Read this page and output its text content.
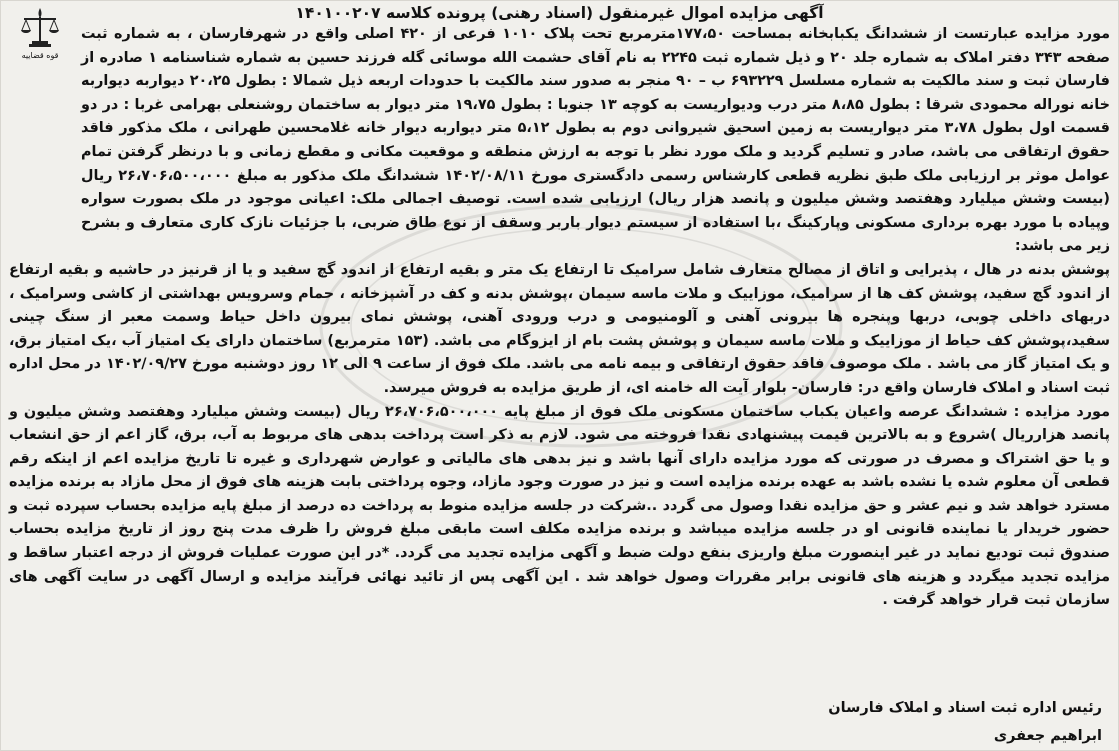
قوه قضاییه
آگهی مزایده اموال غیرمنقول (اسناد رهنی) پرونده کلاسه ۱۴۰۱۰۰۲۰۷

مورد مزایده عبارتست از ششدانگ یکبابخانه بمساحت ۱۷۷،۵۰مترمربع تحت پلاک ۱۰۱۰ فرعی از ۴۲۰ اصلی واقع در شهرفارسان ، به شماره ثبت صفحه ۳۴۳ دفتر املاک به شماره جلد ۲۰ و ذیل شماره ثبت ۲۲۴۵ به نام آقای حشمت الله موسائی گله فرزند حسین به شماره شناسنامه ۱ صادره از فارسان ثبت و سند مالکیت به شماره مسلسل ۶۹۳۲۲۹ ب – ۹۰ منجر به صدور سند مالکیت با حدودات اربعه ذیل شمالا : بطول ۲۰،۲۵ دیواربه دیواربه خانه نوراله محمودی شرقا : بطول ۸،۸۵ متر درب ودیواریست به کوچه ۱۳ جنوبا : بطول ۱۹،۷۵ متر دیوار به ساختمان روشنعلی بهرامی غربا : در دو قسمت اول بطول ۳،۷۸ متر دیواریست به زمین اسحیق شیروانی دوم به بطول ۵،۱۲ متر دیواربه دیوار خانه غلامحسین طهرانی ، ملک مذکور فاقد حقوق ارتفاقی می باشد، صادر و تسلیم گردید و ملک مورد نظر با توجه به ارزش منطقه و موقعیت مکانی و مقطع زمانی و با درنظر گرفتن تمام عوامل موثر بر ارزیابی ملک طبق نظریه قطعی کارشناس رسمی دادگستری مورخ ۱۴۰۲/۰۸/۱۱ ششدانگ ملک مذکور به مبلغ ۲۶،۷۰۶،۵۰۰،۰۰۰ ریال (بیست وشش میلیارد وهفتصد وشش میلیون و پانصد هزار ریال) ارزیابی شده است. توصیف اجمالی ملک: اعیانی موجود در ملک بصورت سواره وپیاده با مورد بهره برداری مسکونی وپارکینگ ،با استفاده از سیستم دیوار باربر وسقف از نوع طاق ضربی، با جزئیات نازک کاری متعارف و بشرح زیر می باشد:

پوشش بدنه در هال ، پذیرایی و اتاق از مصالح متعارف شامل سرامیک تا ارتفاع یک متر و بقیه ارتفاع از اندود گچ سفید و یا از قرنیز در حاشیه و بقیه ارتفاع از اندود گچ سفید، پوشش کف ها از سرامیک، موزاییک و ملات ماسه سیمان ،پوشش بدنه و کف در آشپزخانه ، حمام وسرویس بهداشتی از کاشی وسرامیک ، دربهای داخلی چوبی، دربها وپنجره ها بیرونی آهنی و آلومنیومی و درب ورودی آهنی، پوشش نمای بیرون داخل حیاط وسمت معبر از سنگ چینی سفید،پوشش کف حیاط از موزاییک و ملات ماسه سیمان و پوشش پشت بام از ایزوگام می باشد. (۱۵۳ مترمربع) ساختمان دارای یک امتیاز آب ،یک امتیاز برق، و یک امتیاز گاز می باشد . ملک موصوف فاقد حقوق ارتفاقی و بیمه نامه می باشد. ملک فوق از ساعت ۹ الی ۱۲ روز دوشنبه مورخ ۱۴۰۲/۰۹/۲۷ در محل اداره ثبت اسناد و املاک فارسان واقع در: فارسان- بلوار آیت اله خامنه ای، از طریق مزایده به فروش میرسد.

مورد مزایده : ششدانگ عرصه واعیان یکباب ساختمان مسکونی ملک فوق از مبلغ پایه ۲۶،۷۰۶،۵۰۰،۰۰۰ ریال (بیست وشش میلیارد وهفتصد وشش میلیون و پانصد هزارریال )شروع و به بالاترین قیمت پیشنهادی نقدا فروخته می شود. لازم به ذکر است پرداخت بدهی های مربوط به آب، برق، گاز اعم از حق انشعاب و یا حق اشتراک و مصرف در صورتی که مورد مزایده دارای آنها باشد و نیز بدهی های مالیاتی و عوارض شهرداری و غیره تا تاریخ مزایده اعم از اینکه رقم قطعی آن معلوم شده یا نشده باشد به عهده برنده مزایده است و نیز در صورت وجود مازاد، وجوه پرداختی بابت هزینه های فوق از محل مازاد به برنده مزایده مسترد خواهد شد و نیم عشر و حق مزایده نقدا وصول می گردد ..شرکت در جلسه مزایده منوط به پرداخت ده درصد از مبلغ پایه مزایده بحساب سپرده ثبت و حضور خریدار یا نماینده قانونی او در جلسه مزایده میباشد و برنده مزایده مکلف است مابقی مبلغ فروش را ظرف مدت پنج روز از تاریخ مزایده بحساب صندوق ثبت تودیع نماید در غیر اینصورت مبلغ واریزی بنفع دولت ضبط و آگهی مزایده تجدید می گردد. *در این صورت عملیات فروش از درجه اعتبار ساقط و مزایده تجدید میگردد و هزینه های قانونی برابر مقررات وصول خواهد شد . این آگهی پس از تائید نهائی فرآیند مزایده و ارسال آگهی در سایت آگهی های سازمان ثبت قرار خواهد گرفت .

رئیس اداره ثبت اسناد و املاک فارسان
ابراهیم جعفری
